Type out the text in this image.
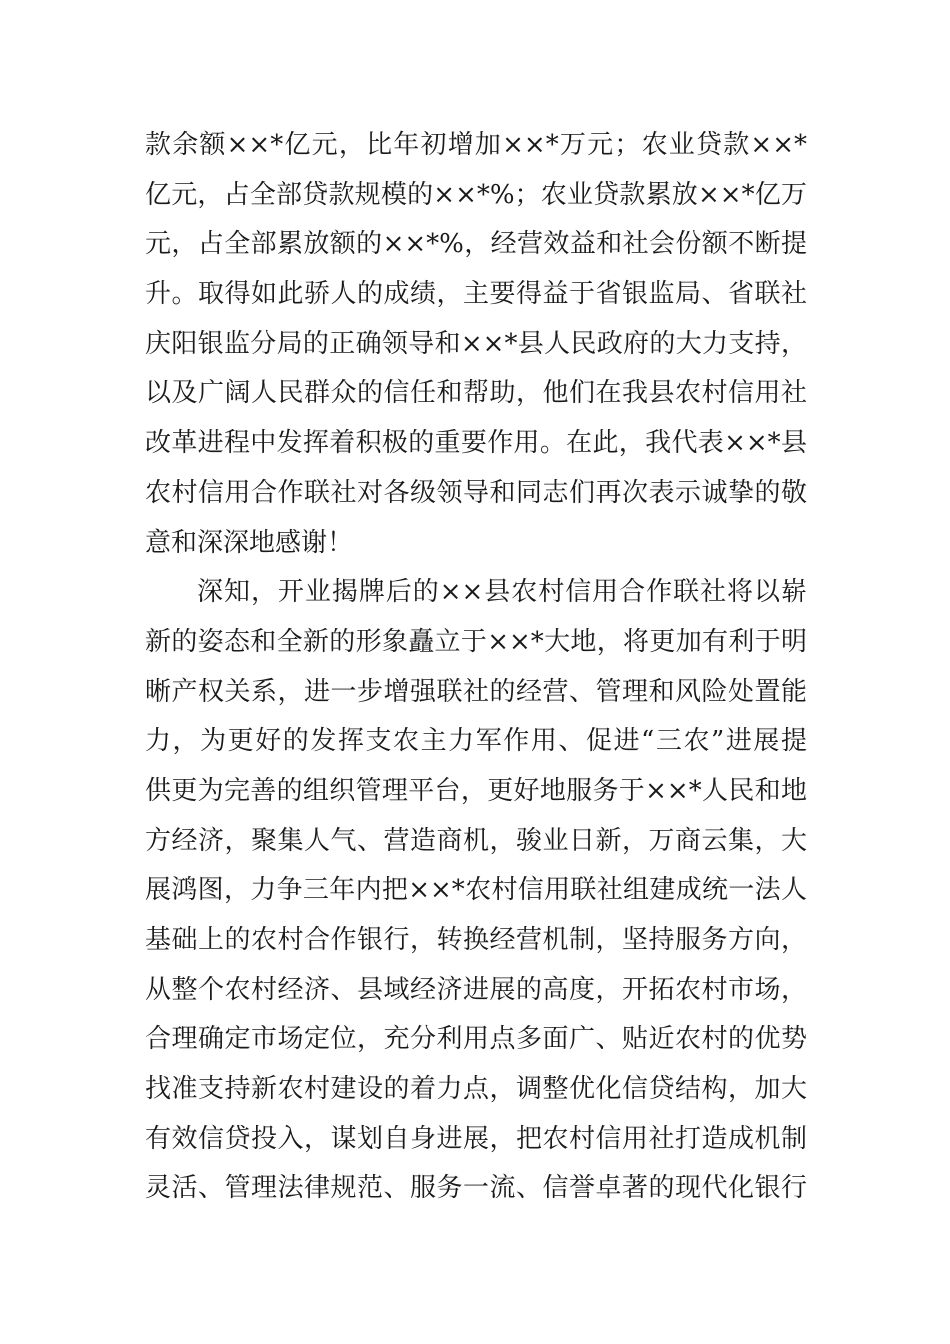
款余额××*亿元，比年初增加××*万元；农业贷款××*
亿元，占全部贷款规模的××*%；农业贷款累放××*亿万
元，占全部累放额的××*%，经营效益和社会份额不断提
升。取得如此骄人的成绩，主要得益于省银监局、省联社
庆阳银监分局的正确领导和××*县人民政府的大力支持，
以及广阔人民群众的信任和帮助，他们在我县农村信用社
改革进程中发挥着积极的重要作用。在此，我代表××*县
农村信用合作联社对各级领导和同志们再次表示诚挚的敬
意和深深地感谢！
深知，开业揭牌后的××县农村信用合作联社将以崭
新的姿态和全新的形象矗立于××*大地，将更加有利于明
晰产权关系，进一步增强联社的经营、管理和风险处置能
力，为更好的发挥支农主力军作用、促进“三农”进展提
供更为完善的组织管理平台，更好地服务于××*人民和地
方经济，聚集人气、营造商机，骏业日新，万商云集，大
展鸿图，力争三年内把××*农村信用联社组建成统一法人
基础上的农村合作银行，转换经营机制，坚持服务方向，
从整个农村经济、县域经济进展的高度，开拓农村市场，
合理确定市场定位，充分利用点多面广、贴近农村的优势
找准支持新农村建设的着力点，调整优化信贷结构，加大
有效信贷投入，谋划自身进展，把农村信用社打造成机制
灵活、管理法律规范、服务一流、信誉卓著的现代化银行
